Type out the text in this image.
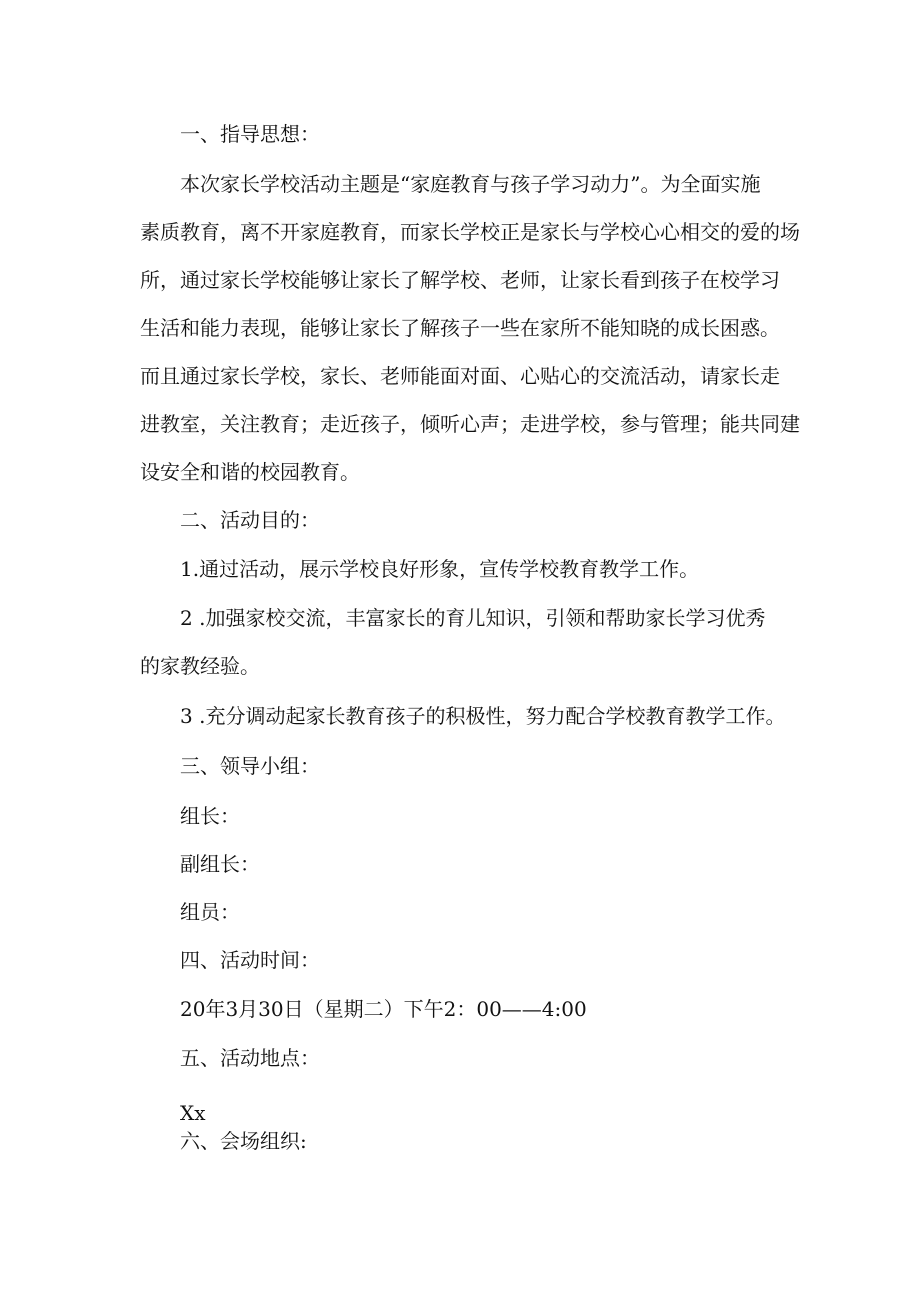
一、指导思想：
本次家长学校活动主题是“家庭教育与孩子学习动力”。为全面实施
素质教育，离不开家庭教育，而家长学校正是家长与学校心心相交的爱的场
所，通过家长学校能够让家长了解学校、老师，让家长看到孩子在校学习
生活和能力表现，能够让家长了解孩子一些在家所不能知晓的成长困惑。
而且通过家长学校，家长、老师能面对面、心贴心的交流活动，请家长走
进教室，关注教育；走近孩子，倾听心声；走进学校，参与管理；能共同建
设安全和谐的校园教育。
二、活动目的：
1.通过活动，展示学校良好形象，宣传学校教育教学工作。
2 .加强家校交流，丰富家长的育儿知识，引领和帮助家长学习优秀
的家教经验。
3 .充分调动起家长教育孩子的积极性，努力配合学校教育教学工作。
三、领导小组：
组长：
副组长：
组员：
四、活动时间：
20年3月30日（星期二）下午2：00——4:00
五、活动地点：
Xx
六、会场组织:
